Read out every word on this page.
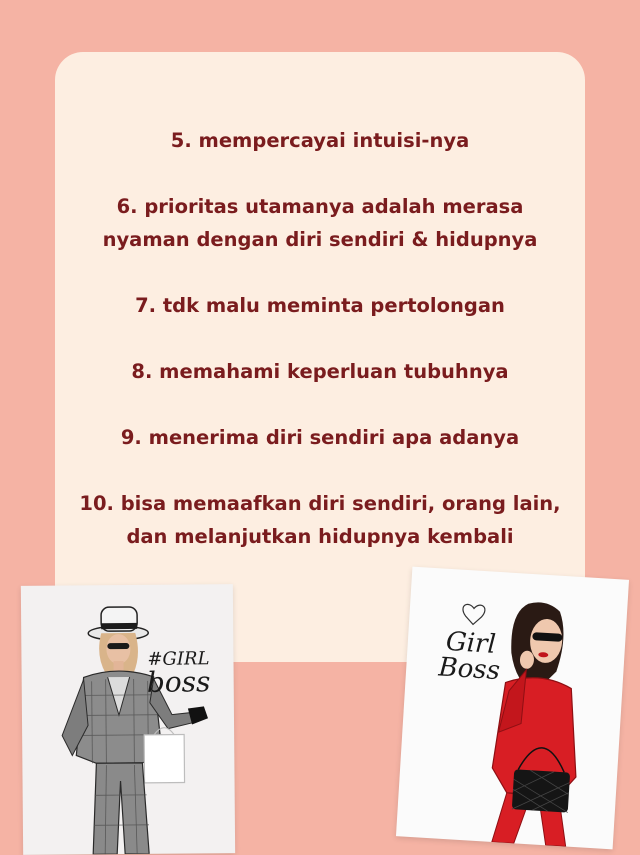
5. mempercayai intuisi-nya
6. prioritas utamanya adalah merasa
nyaman dengan diri sendiri & hidupnya
7. tdk malu meminta pertolongan
8. memahami keperluan tubuhnya
9. menerima diri sendiri apa adanya
10. bisa memaafkan diri sendiri, orang lain,
dan melanjutkan hidupnya kembali
#GIRL
boss
Girl
Boss
